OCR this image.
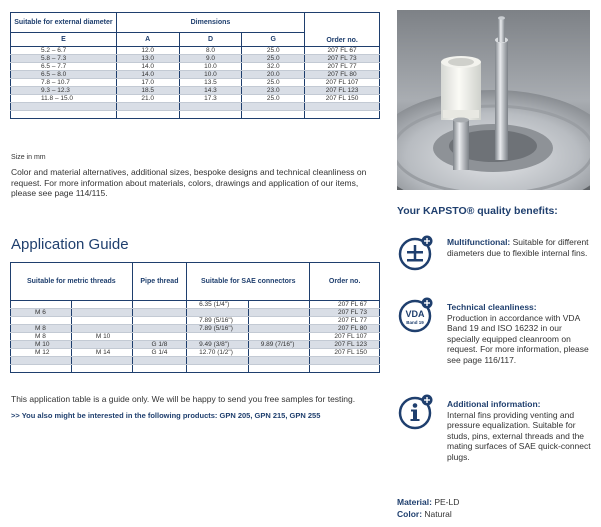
Suitable for external diameter	Dimensions			Order no.
E	A	D	G	
5.2 – 6.7	12.0	8.0	25.0	207 FL 67
5.8 – 7.3	13.0	9.0	25.0	207 FL 73
6.5 – 7.7	14.0	10.0	32.0	207 FL 77
6.5 – 8.0	14.0	10.0	20.0	207 FL 80
7.8 – 10.7	17.0	13.5	25.0	207 FL 107
9.3 – 12.3	18.5	14.3	23.0	207 FL 123
11.8 – 15.0	21.0	17.3	25.0	207 FL 150

Size in mm
Color and material alternatives, additional sizes, bespoke designs and technical cleanliness on request. For more information about materials, colors, drawings and application of our items, please see page 114/115.
Application Guide
Suitable for metric threads		Pipe thread	Suitable for SAE connectors		Order no.
			6.35 (1/4")		207 FL 67
M 6					207 FL 73
			7.89 (5/16")		207 FL 77
M 8			7.89 (5/16")		207 FL 80
M 8	M 10				207 FL 107
M 10		G 1/8	9.49 (3/8")	9.89 (7/16")	207 FL 123
M 12	M 14	G 1/4	12.70 (1/2")		207 FL 150

This application table is a guide only. We will be happy to send you free samples for testing.
>> You also might be interested in the following products: GPN 205, GPN 215, GPN 255
Your KAPSTO® quality benefits:
Multifunctional: Suitable for different diameters due to flexible internal fins.
VDA
Band 19
Technical cleanliness:
Production in accordance with VDA Band 19 and ISO 16232 in our specially equipped cleanroom on request. For more information, please see page 116/117.
Additional information:
Internal fins providing venting and pressure equalization. Suitable for studs, pins, external threads and the mating surfaces of SAE quick-connect plugs.
Material: PE-LD
Color: Natural
